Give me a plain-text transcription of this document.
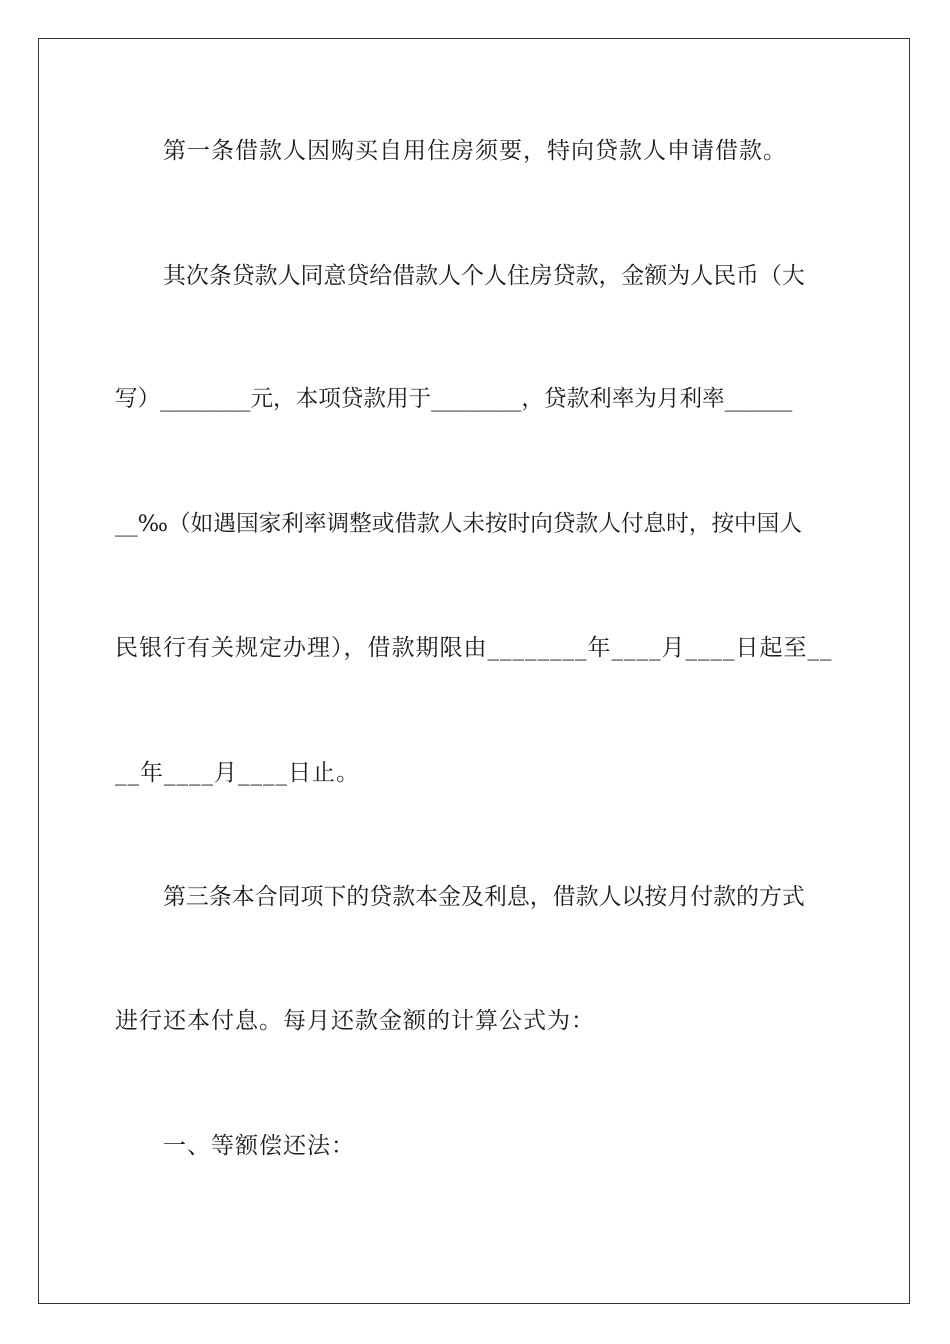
第一条借款人因购买自用住房须要，特向贷款人申请借款。
其次条贷款人同意贷给借款人个人住房贷款，金额为人民币（大
写）________元，本项贷款用于________，贷款利率为月利率______
__‰（如遇国家利率调整或借款人未按时向贷款人付息时，按中国人
民银行有关规定办理），借款期限由________年____月____日起至__
__年____月____日止。
第三条本合同项下的贷款本金及利息，借款人以按月付款的方式
进行还本付息。每月还款金额的计算公式为：
一、等额偿还法：
